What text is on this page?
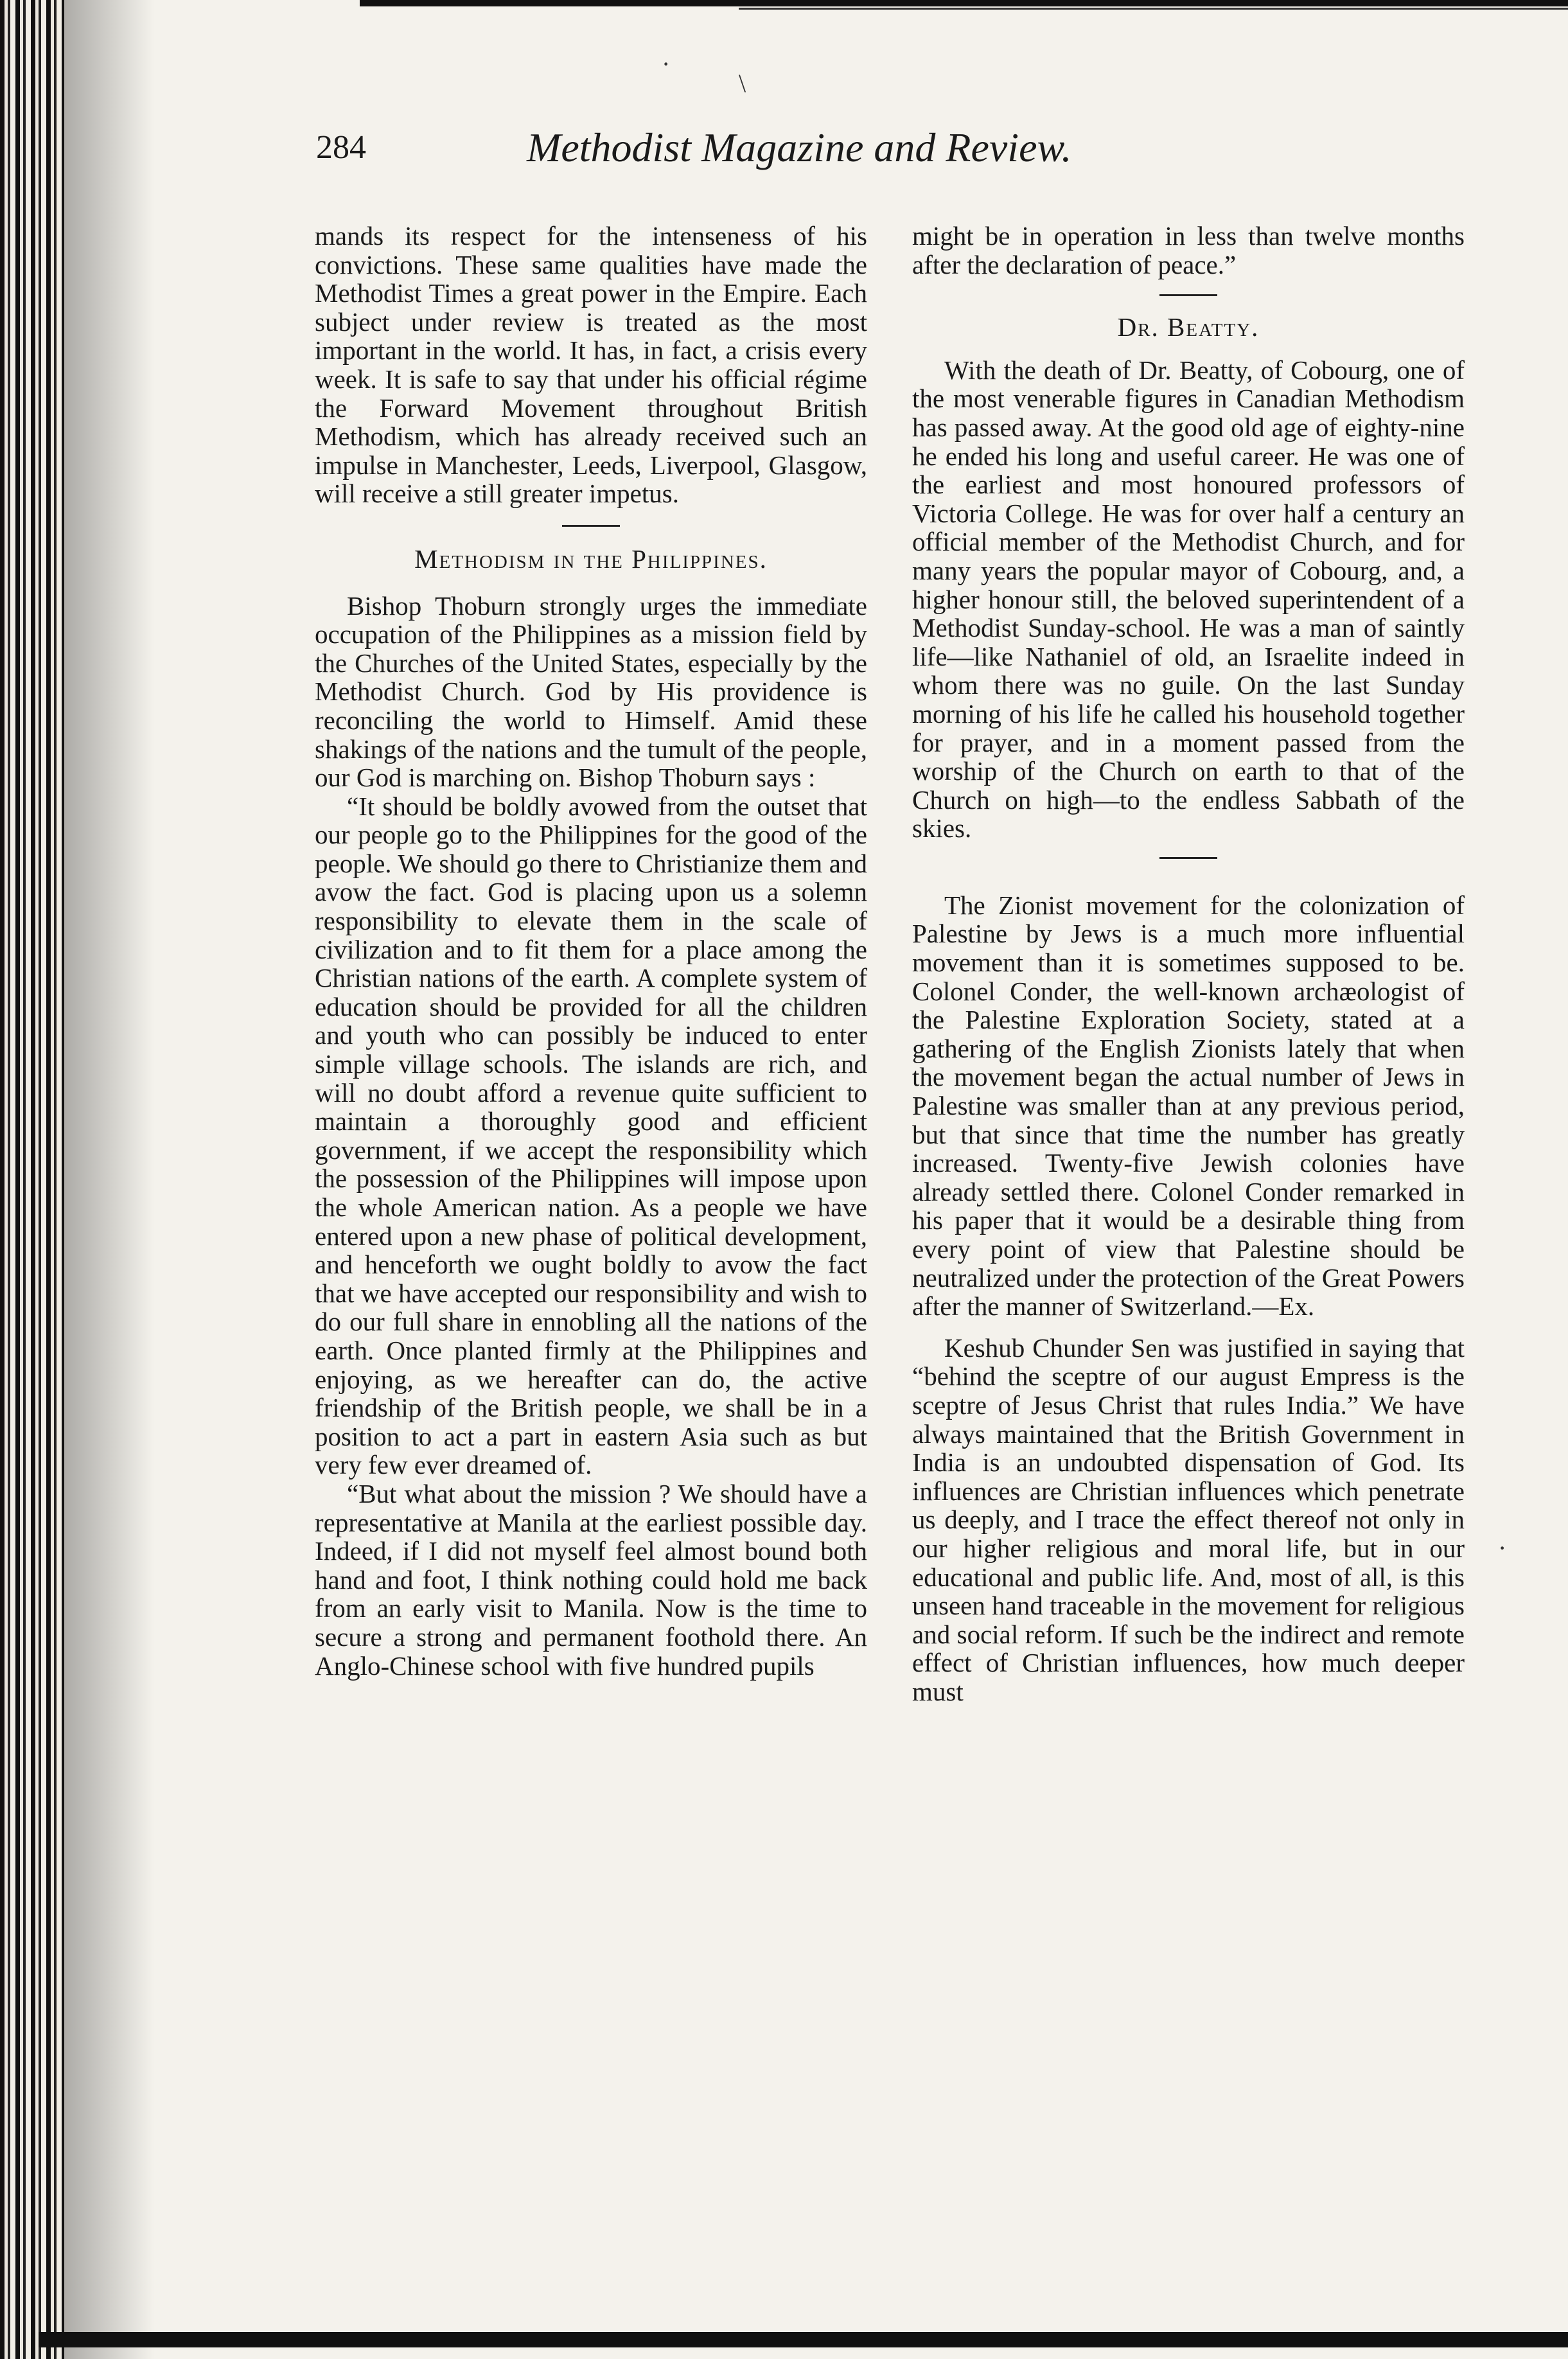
·
\
·
284	Methodist Magazine and Review.

mands its respect for the intenseness of his convictions. These same qualities have made the Methodist Times a great power in the Empire. Each subject under review is treated as the most important in the world. It has, in fact, a crisis every week. It is safe to say that under his official régime the Forward Movement throughout British Methodism, which has already received such an impulse in Manchester, Leeds, Liverpool, Glasgow, will receive a still greater impetus.

Methodism in the Philippines.

Bishop Thoburn strongly urges the immediate occupation of the Philippines as a mission field by the Churches of the United States, especially by the Methodist Church. God by His providence is reconciling the world to Himself. Amid these shakings of the nations and the tumult of the people, our God is marching on. Bishop Thoburn says :

“It should be boldly avowed from the outset that our people go to the Philippines for the good of the people. We should go there to Christianize them and avow the fact. God is placing upon us a solemn responsibility to elevate them in the scale of civilization and to fit them for a place among the Christian nations of the earth. A complete system of education should be provided for all the children and youth who can possibly be induced to enter simple village schools. The islands are rich, and will no doubt afford a revenue quite sufficient to maintain a thoroughly good and efficient government, if we accept the responsibility which the possession of the Philippines will impose upon the whole American nation. As a people we have entered upon a new phase of political development, and henceforth we ought boldly to avow the fact that we have accepted our responsibility and wish to do our full share in ennobling all the nations of the earth. Once planted firmly at the Philippines and enjoying, as we hereafter can do, the active friendship of the British people, we shall be in a position to act a part in eastern Asia such as but very few ever dreamed of.

“But what about the mission ? We should have a representative at Manila at the earliest possible day. Indeed, if I did not myself feel almost bound both hand and foot, I think nothing could hold me back from an early visit to Manila. Now is the time to secure a strong and permanent foothold there. An Anglo-Chinese school with five hundred pupils

might be in operation in less than twelve months after the declaration of peace.”

Dr. Beatty.

With the death of Dr. Beatty, of Cobourg, one of the most venerable figures in Canadian Methodism has passed away. At the good old age of eighty-nine he ended his long and useful career. He was one of the earliest and most honoured professors of Victoria College. He was for over half a century an official member of the Methodist Church, and for many years the popular mayor of Cobourg, and, a higher honour still, the beloved superintendent of a Methodist Sunday-school. He was a man of saintly life—like Nathaniel of old, an Israelite indeed in whom there was no guile. On the last Sunday morning of his life he called his household together for prayer, and in a moment passed from the worship of the Church on earth to that of the Church on high—to the endless Sabbath of the skies.

The Zionist movement for the colonization of Palestine by Jews is a much more influential movement than it is sometimes supposed to be. Colonel Conder, the well-known archæologist of the Palestine Exploration Society, stated at a gathering of the English Zionists lately that when the movement began the actual number of Jews in Palestine was smaller than at any previous period, but that since that time the number has greatly increased. Twenty-five Jewish colonies have already settled there. Colonel Conder remarked in his paper that it would be a desirable thing from every point of view that Palestine should be neutralized under the protection of the Great Powers after the manner of Switzerland.—Ex.

Keshub Chunder Sen was justified in saying that “behind the sceptre of our august Empress is the sceptre of Jesus Christ that rules India.” We have always maintained that the British Government in India is an undoubted dispensation of God. Its influences are Christian influences which penetrate us deeply, and I trace the effect thereof not only in our higher religious and moral life, but in our educational and public life. And, most of all, is this unseen hand traceable in the movement for religious and social reform. If such be the indirect and remote effect of Christian influences, how much deeper must
